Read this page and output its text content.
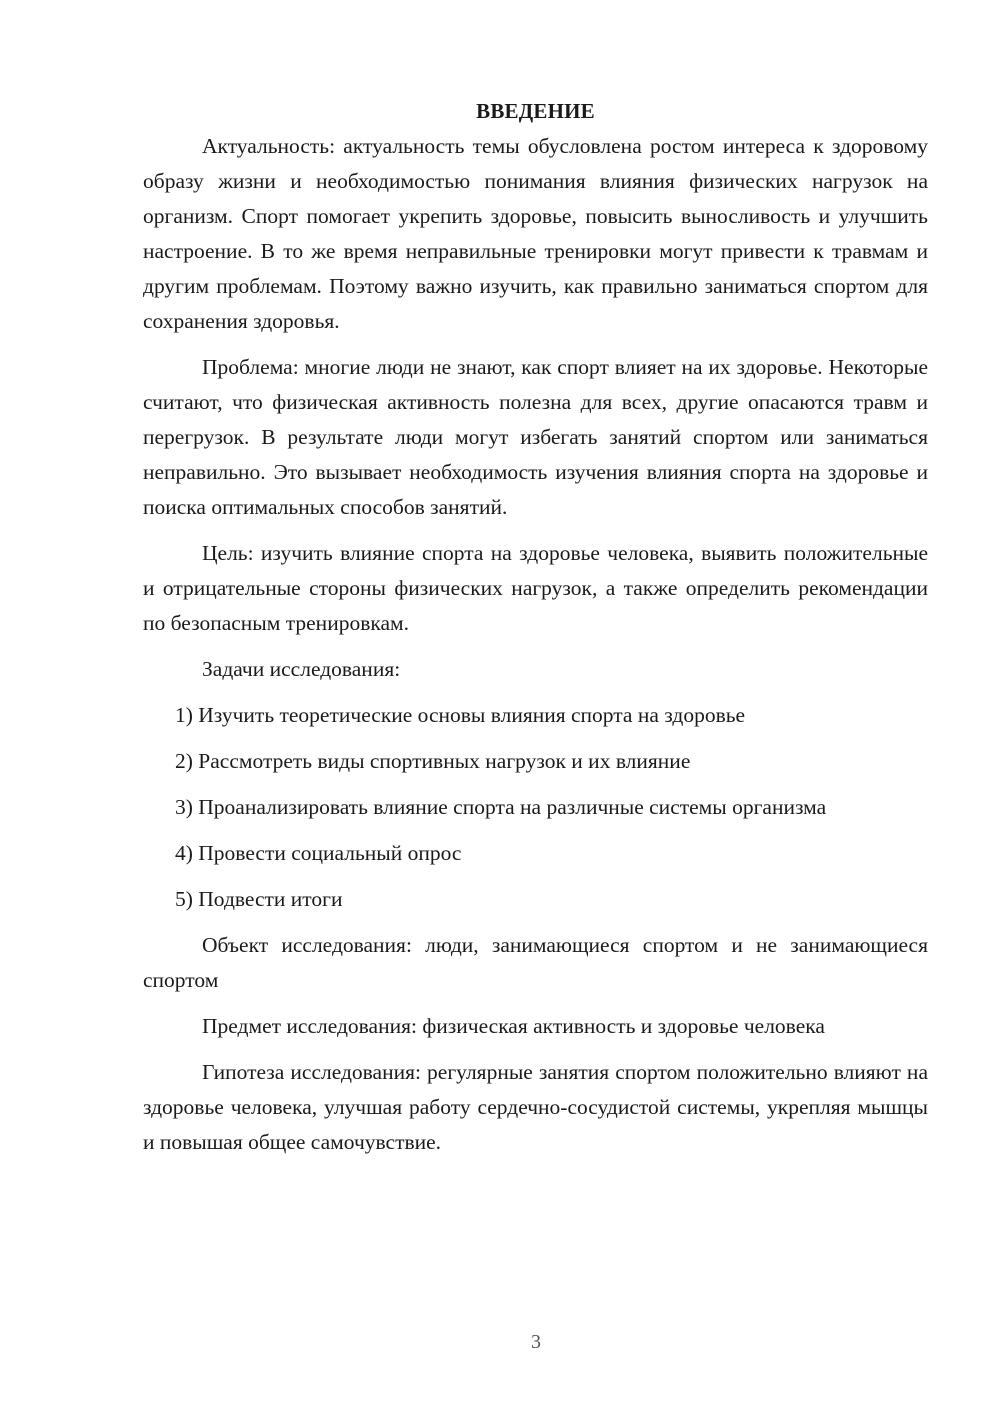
ВВЕДЕНИЕ

Актуальность: актуальность темы обусловлена ростом интереса к здоровому образу жизни и необходимостью понимания влияния физических нагрузок на организм. Спорт помогает укрепить здоровье, повысить выносливость и улучшить настроение. В то же время неправильные тренировки могут привести к травмам и другим проблемам. Поэтому важно изучить, как правильно заниматься спортом для сохранения здоровья.

Проблема: многие люди не знают, как спорт влияет на их здоровье. Некоторые считают, что физическая активность полезна для всех, другие опасаются травм и перегрузок. В результате люди могут избегать занятий спортом или заниматься неправильно. Это вызывает необходимость изучения влияния спорта на здоровье и поиска оптимальных способов занятий.

Цель: изучить влияние спорта на здоровье человека, выявить положительные и отрицательные стороны физических нагрузок, а также определить рекомендации по безопасным тренировкам.

Задачи исследования:

1) Изучить теоретические основы влияния спорта на здоровье

2) Рассмотреть виды спортивных нагрузок и их влияние

3) Проанализировать влияние спорта на различные системы организма

4) Провести социальный опрос

5) Подвести итоги

Объект исследования: люди, занимающиеся спортом и не занимающиеся спортом

Предмет исследования: физическая активность и здоровье человека

Гипотеза исследования: регулярные занятия спортом положительно влияют на здоровье человека, улучшая работу сердечно-сосудистой системы, укрепляя мышцы и повышая общее самочувствие.

3
